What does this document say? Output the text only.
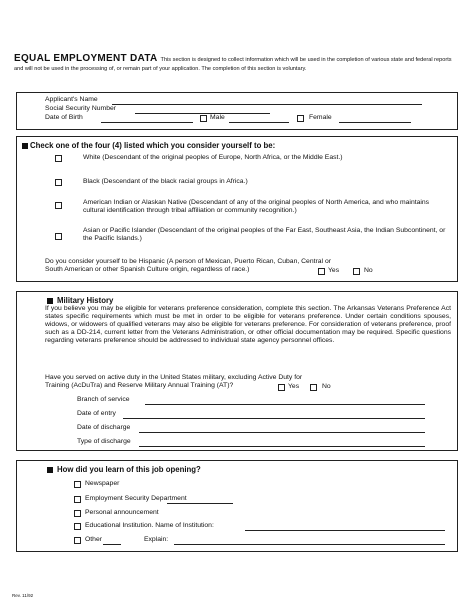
EQUAL EMPLOYMENT DATA This section is designed to collect information which will be used in the completion of various state and federal reports and will not be used in the processing of, or remain part of your application. The completion of this section is voluntary.
Applicant's Name
Social Security Number
Date of Birth	Male	Female
Check one of the four (4) listed which you consider yourself to be:
White (Descendant of the original peoples of Europe, North Africa, or the Middle East.)
Black (Descendant of the black racial groups in Africa.)
American Indian or Alaskan Native (Descendant of any of the original peoples of North America, and who maintains cultural identification through tribal affiliation or community recognition.)
Asian or Pacific Islander (Descendant of the original peoples of the Far East, Southeast Asia, the Indian Subcontinent, or the Pacific Islands.)
Do you consider yourself to be Hispanic (A person of Mexican, Puerto Rican, Cuban, Central or South American or other Spanish Culture origin, regardless of race.)	Yes	No
Military History
If you believe you may be eligible for veterans preference consideration, complete this section. The Arkansas Veterans Preference Act states specific requirements which must be met in order to be eligible for veterans preference. Under certain conditions spouses, widows, or widowers of qualified veterans may also be eligible for veterans preference. For consideration of veterans preference, proof such as a DD-214, current letter from the Veterans Administration, or other official documentation may be required. Specific questions regarding veterans preference should be addressed to individual state agency personnel offices.
Have you served on active duty in the United States military, excluding Active Duty for Training (AcDuTra) and Reserve Military Annual Training (AT)?	Yes	No
Branch of service
Date of entry
Date of discharge
Type of discharge
How did you learn of this job opening?
Newspaper
Employment Security Department
Personal announcement
Educational Institution. Name of Institution:
Other	Explain:
Rev. 11/92
